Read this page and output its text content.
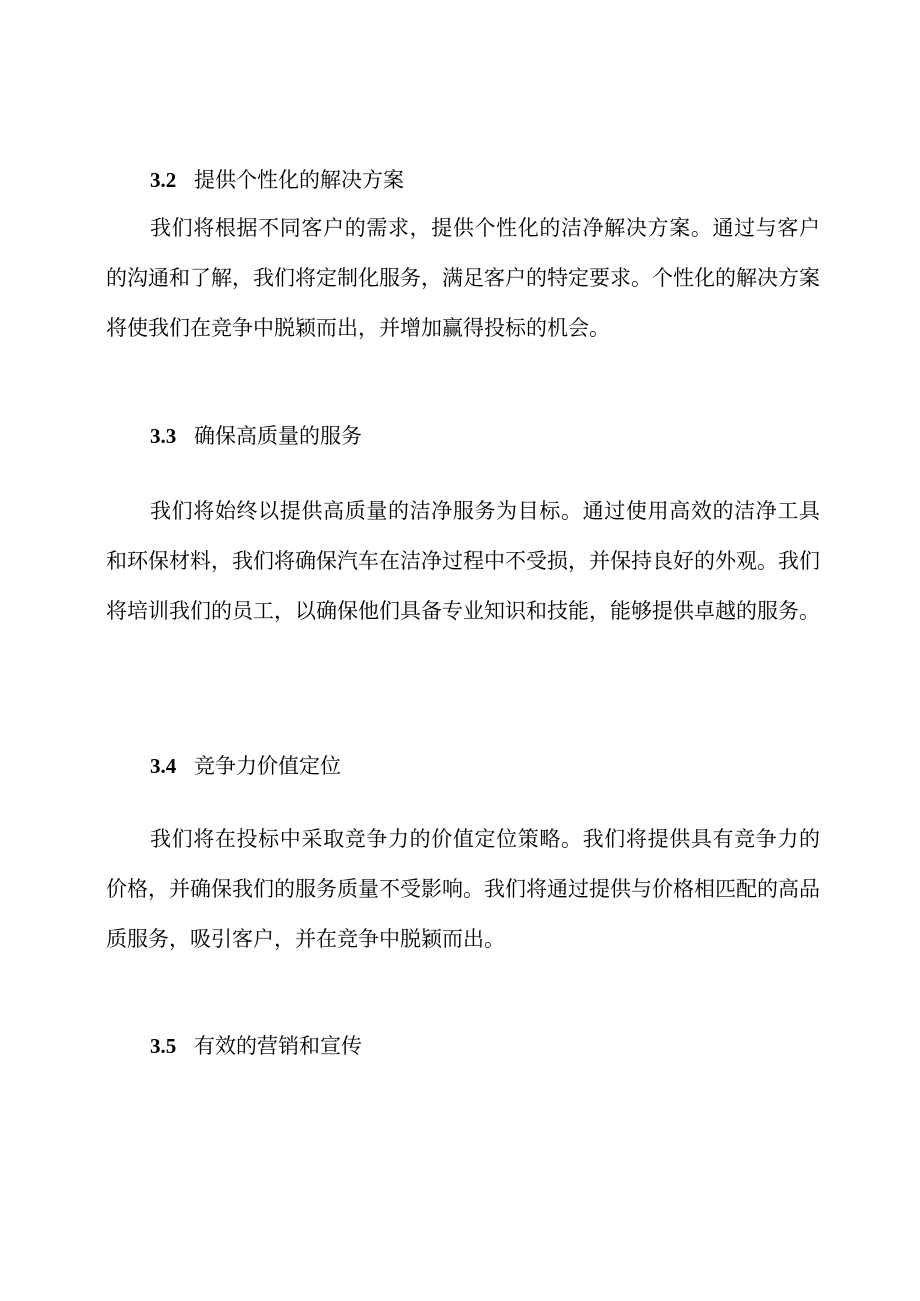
3.2 提供个性化的解决方案

我们将根据不同客户的需求，提供个性化的洁净解决方案。通过与客户的沟通和了解，我们将定制化服务，满足客户的特定要求。个性化的解决方案将使我们在竞争中脱颖而出，并增加赢得投标的机会。

3.3 确保高质量的服务

我们将始终以提供高质量的洁净服务为目标。通过使用高效的洁净工具和环保材料，我们将确保汽车在洁净过程中不受损，并保持良好的外观。我们将培训我们的员工，以确保他们具备专业知识和技能，能够提供卓越的服务。

3.4 竞争力价值定位

我们将在投标中采取竞争力的价值定位策略。我们将提供具有竞争力的价格，并确保我们的服务质量不受影响。我们将通过提供与价格相匹配的高品质服务，吸引客户，并在竞争中脱颖而出。

3.5 有效的营销和宣传
